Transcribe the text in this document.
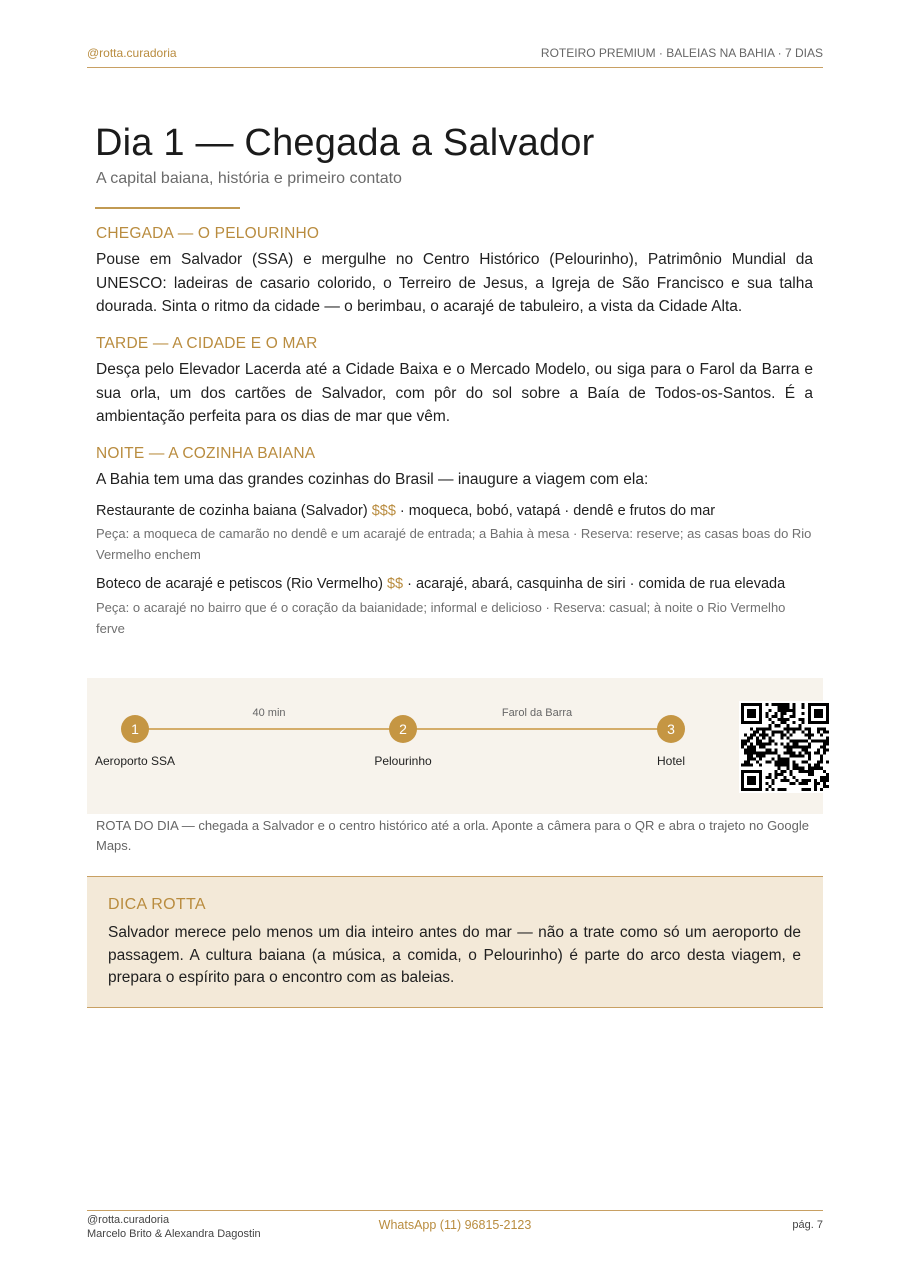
@rotta.curadoria	ROTEIRO PREMIUM · BALEIAS NA BAHIA · 7 DIAS
Dia 1 — Chegada a Salvador
A capital baiana, história e primeiro contato
CHEGADA — O PELOURINHO
Pouse em Salvador (SSA) e mergulhe no Centro Histórico (Pelourinho), Patrimônio Mundial da UNESCO: ladeiras de casario colorido, o Terreiro de Jesus, a Igreja de São Francisco e sua talha dourada. Sinta o ritmo da cidade — o berimbau, o acarajé de tabuleiro, a vista da Cidade Alta.
TARDE — A CIDADE E O MAR
Desça pelo Elevador Lacerda até a Cidade Baixa e o Mercado Modelo, ou siga para o Farol da Barra e sua orla, um dos cartões de Salvador, com pôr do sol sobre a Baía de Todos-os-Santos. É a ambientação perfeita para os dias de mar que vêm.
NOITE — A COZINHA BAIANA
A Bahia tem uma das grandes cozinhas do Brasil — inaugure a viagem com ela:
Restaurante de cozinha baiana (Salvador) $$$ · moqueca, bobó, vatapá · dendê e frutos do mar
Peça: a moqueca de camarão no dendê e um acarajé de entrada; a Bahia à mesa · Reserva: reserve; as casas boas do Rio Vermelho enchem
Boteco de acarajé e petiscos (Rio Vermelho) $$ · acarajé, abará, casquinha de siri · comida de rua elevada
Peça: o acarajé no bairro que é o coração da baianidade; informal e delicioso · Reserva: casual; à noite o Rio Vermelho ferve
40 min	Farol da Barra
1	2	3
Aeroporto SSA	Pelourinho	Hotel
ROTA DO DIA — chegada a Salvador e o centro histórico até a orla. Aponte a câmera para o QR e abra o trajeto no Google Maps.
DICA ROTTA
Salvador merece pelo menos um dia inteiro antes do mar — não a trate como só um aeroporto de passagem. A cultura baiana (a música, a comida, o Pelourinho) é parte do arco desta viagem, e prepara o espírito para o encontro com as baleias.
@rotta.curadoria
Marcelo Brito & Alexandra Dagostin
WhatsApp (11) 96815-2123	pág. 7
